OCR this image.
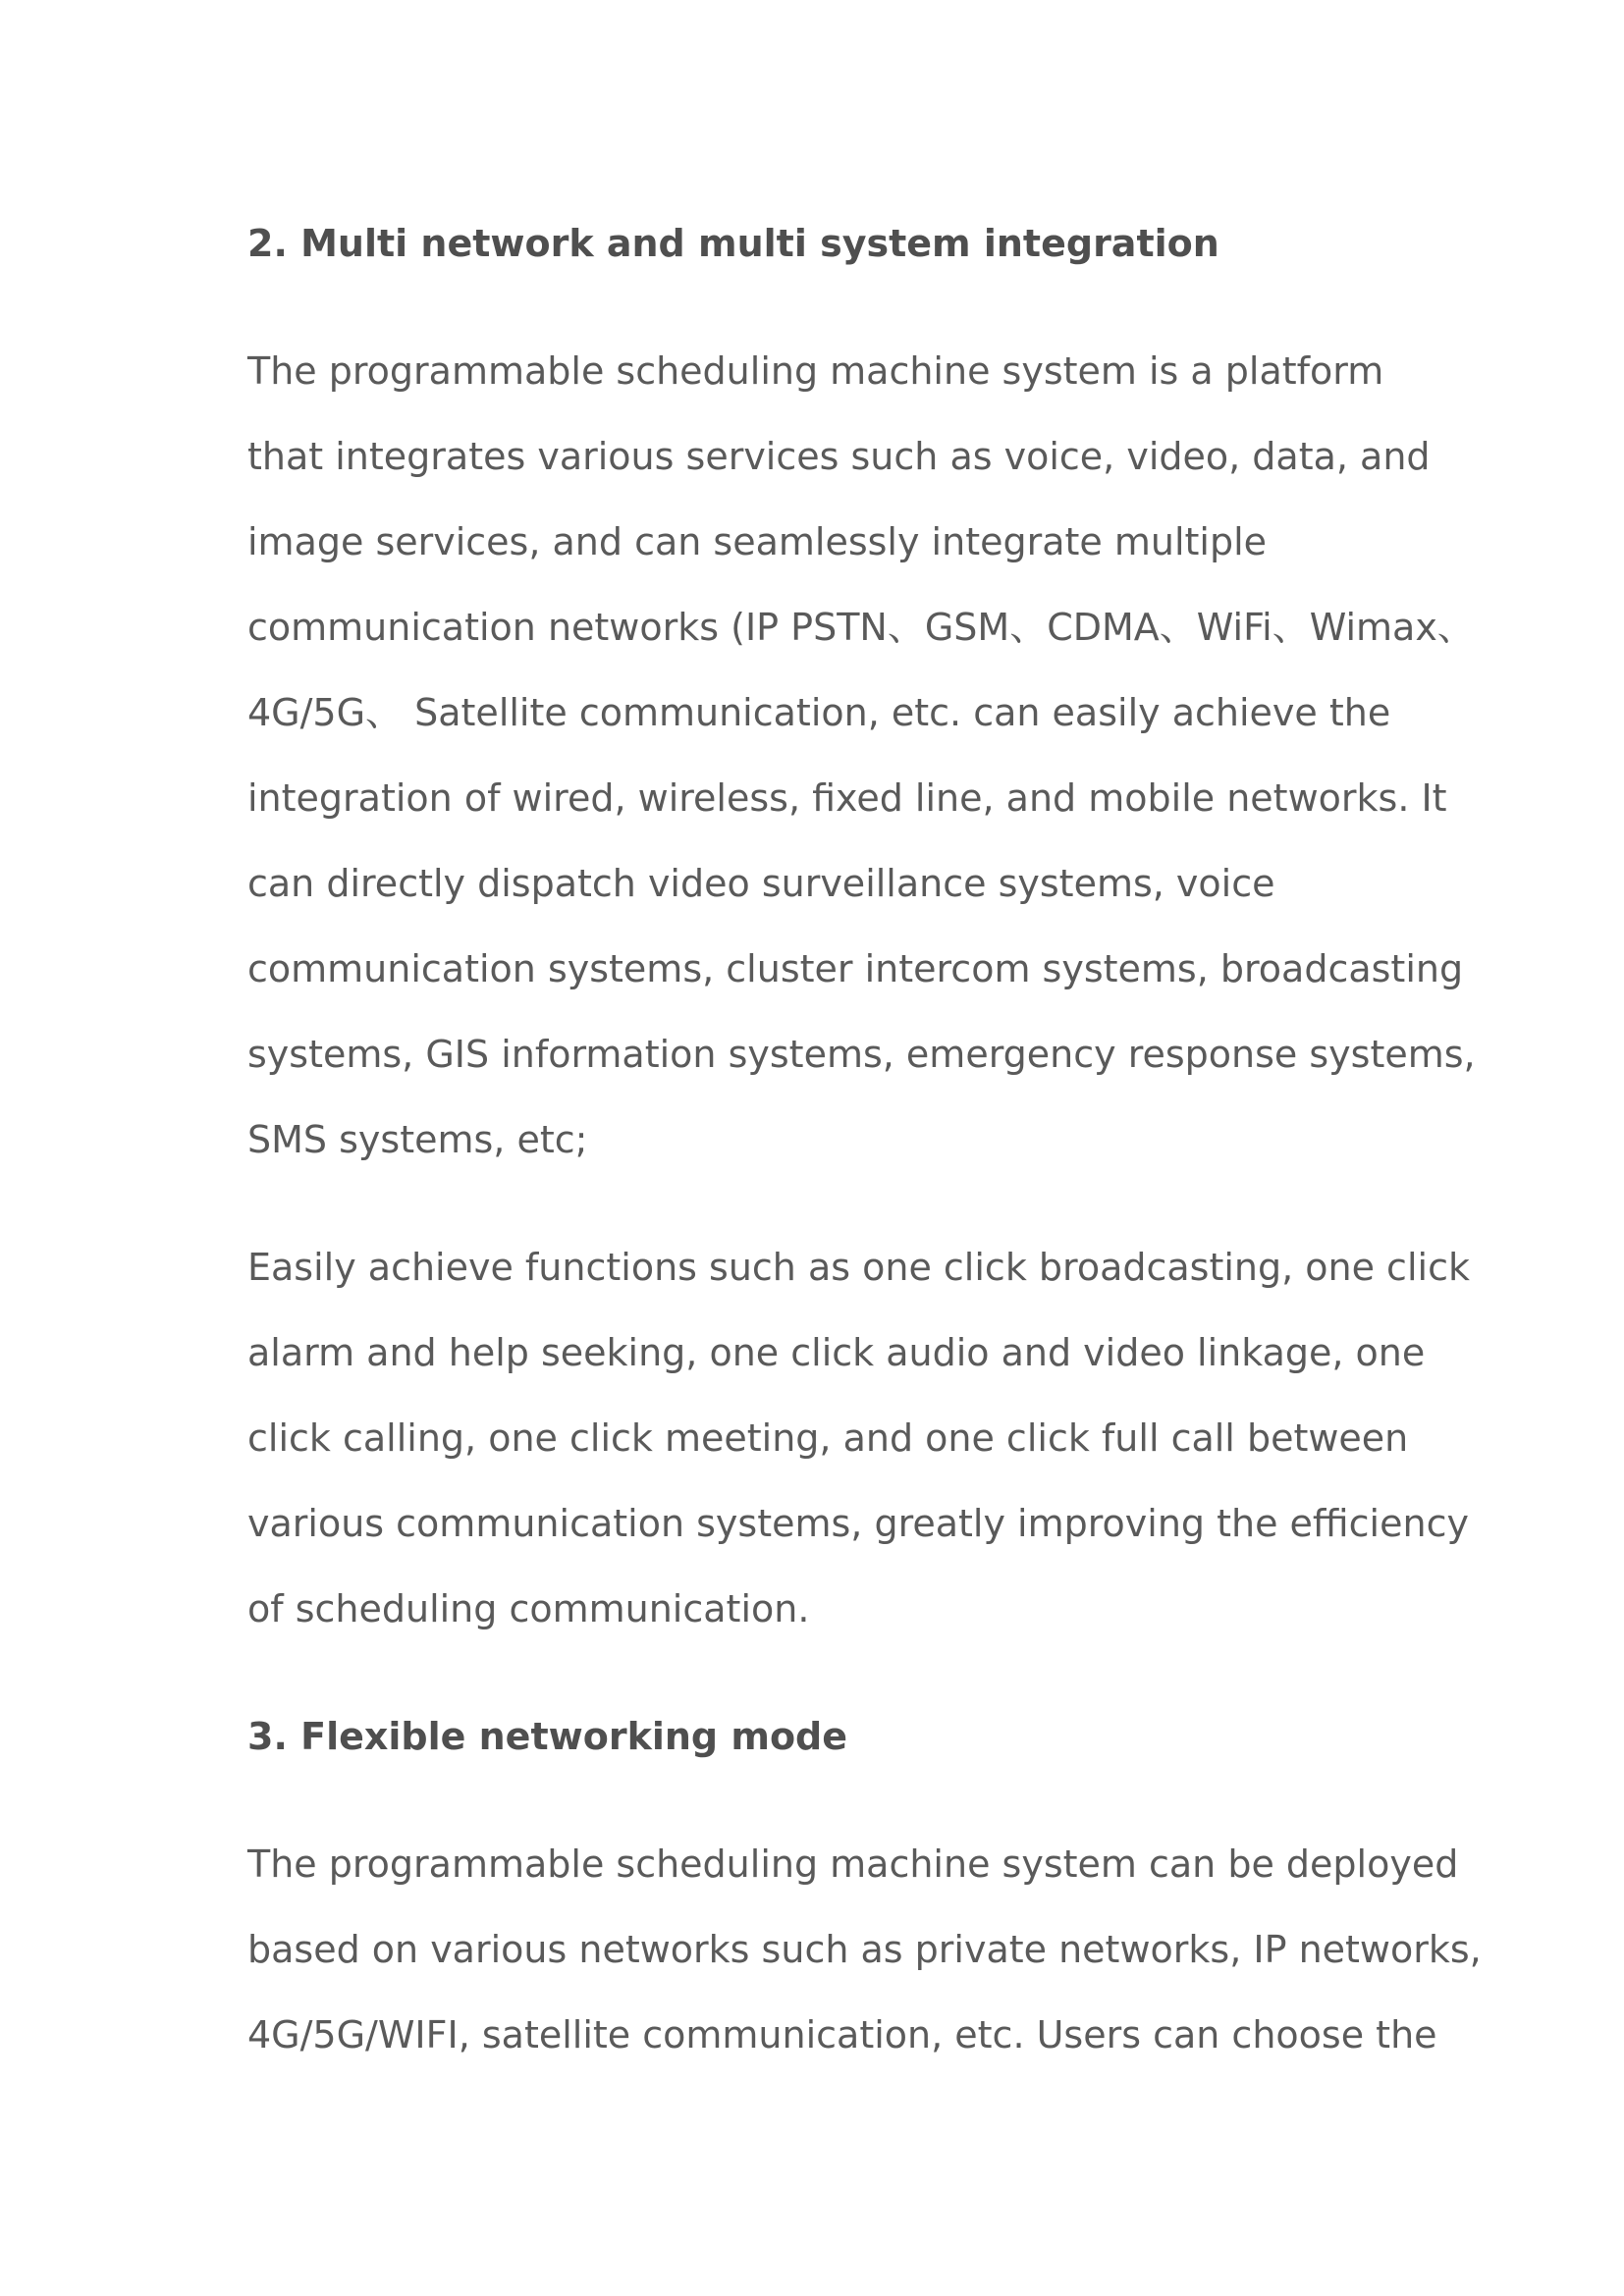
2. Multi network and multi system integration

The programmable scheduling machine system is a platform
that integrates various services such as voice, video, data, and
image services, and can seamlessly integrate multiple
communication networks (IP PSTN、GSM、CDMA、WiFi、Wimax、
4G/5G、 Satellite communication, etc. can easily achieve the
integration of wired, wireless, fixed line, and mobile networks. It
can directly dispatch video surveillance systems, voice
communication systems, cluster intercom systems, broadcasting
systems, GIS information systems, emergency response systems,
SMS systems, etc;

Easily achieve functions such as one click broadcasting, one click
alarm and help seeking, one click audio and video linkage, one
click calling, one click meeting, and one click full call between
various communication systems, greatly improving the efficiency
of scheduling communication.

3. Flexible networking mode

The programmable scheduling machine system can be deployed
based on various networks such as private networks, IP networks,
4G/5G/WIFI, satellite communication, etc. Users can choose the
